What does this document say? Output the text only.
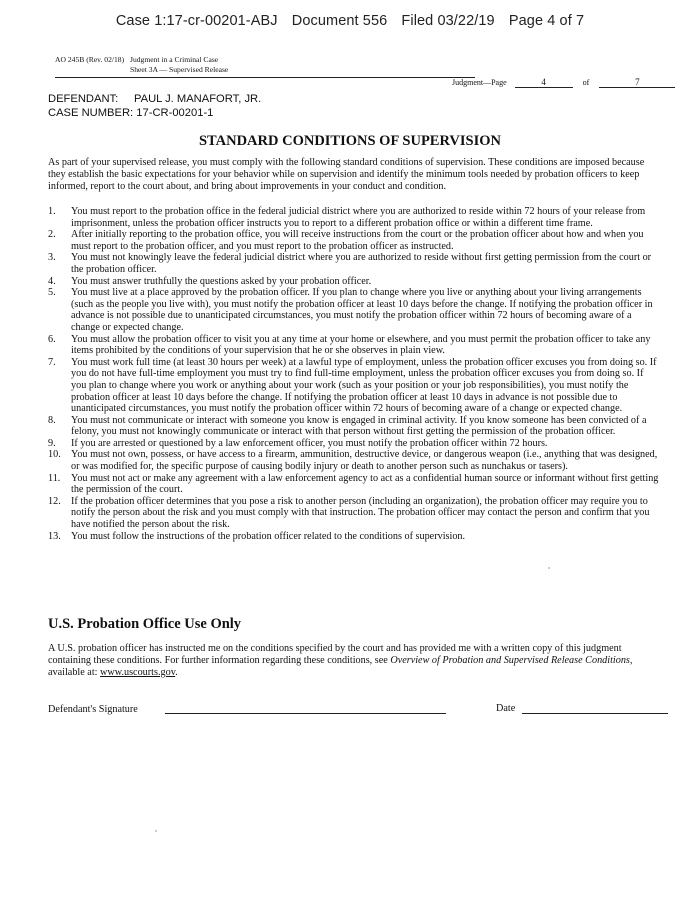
Case 1:17-cr-00201-ABJ Document 556 Filed 03/22/19 Page 4 of 7
AO 245B (Rev. 02/18) Judgment in a Criminal Case
Sheet 3A — Supervised Release
Judgment—Page	4	of	7
DEFENDANT: PAUL J. MANAFORT, JR.
CASE NUMBER: 17-CR-00201-1
STANDARD CONDITIONS OF SUPERVISION

As part of your supervised release, you must comply with the following standard conditions of supervision. These conditions are imposed because they establish the basic expectations for your behavior while on supervision and identify the minimum tools needed by probation officers to keep informed, report to the court about, and bring about improvements in your conduct and condition.

1. You must report to the probation office in the federal judicial district where you are authorized to reside within 72 hours of your release from imprisonment, unless the probation officer instructs you to report to a different probation office or within a different time frame.
2. After initially reporting to the probation office, you will receive instructions from the court or the probation officer about how and when you must report to the probation officer, and you must report to the probation officer as instructed.
3. You must not knowingly leave the federal judicial district where you are authorized to reside without first getting permission from the court or the probation officer.
4. You must answer truthfully the questions asked by your probation officer.
5. You must live at a place approved by the probation officer. If you plan to change where you live or anything about your living arrangements (such as the people you live with), you must notify the probation officer at least 10 days before the change. If notifying the probation officer in advance is not possible due to unanticipated circumstances, you must notify the probation officer within 72 hours of becoming aware of a change or expected change.
6. You must allow the probation officer to visit you at any time at your home or elsewhere, and you must permit the probation officer to take any items prohibited by the conditions of your supervision that he or she observes in plain view.
7. You must work full time (at least 30 hours per week) at a lawful type of employment, unless the probation officer excuses you from doing so. If you do not have full-time employment you must try to find full-time employment, unless the probation officer excuses you from doing so. If you plan to change where you work or anything about your work (such as your position or your job responsibilities), you must notify the probation officer at least 10 days before the change. If notifying the probation officer at least 10 days in advance is not possible due to unanticipated circumstances, you must notify the probation officer within 72 hours of becoming aware of a change or expected change.
8. You must not communicate or interact with someone you know is engaged in criminal activity. If you know someone has been convicted of a felony, you must not knowingly communicate or interact with that person without first getting the permission of the probation officer.
9. If you are arrested or questioned by a law enforcement officer, you must notify the probation officer within 72 hours.
10. You must not own, possess, or have access to a firearm, ammunition, destructive device, or dangerous weapon (i.e., anything that was designed, or was modified for, the specific purpose of causing bodily injury or death to another person such as nunchakus or tasers).
11. You must not act or make any agreement with a law enforcement agency to act as a confidential human source or informant without first getting the permission of the court.
12. If the probation officer determines that you pose a risk to another person (including an organization), the probation officer may require you to notify the person about the risk and you must comply with that instruction. The probation officer may contact the person and confirm that you have notified the person about the risk.
13. You must follow the instructions of the probation officer related to the conditions of supervision.
U.S. Probation Office Use Only

A U.S. probation officer has instructed me on the conditions specified by the court and has provided me with a written copy of this judgment containing these conditions. For further information regarding these conditions, see Overview of Probation and Supervised Release Conditions, available at: www.uscourts.gov.

Defendant's Signature	Date
